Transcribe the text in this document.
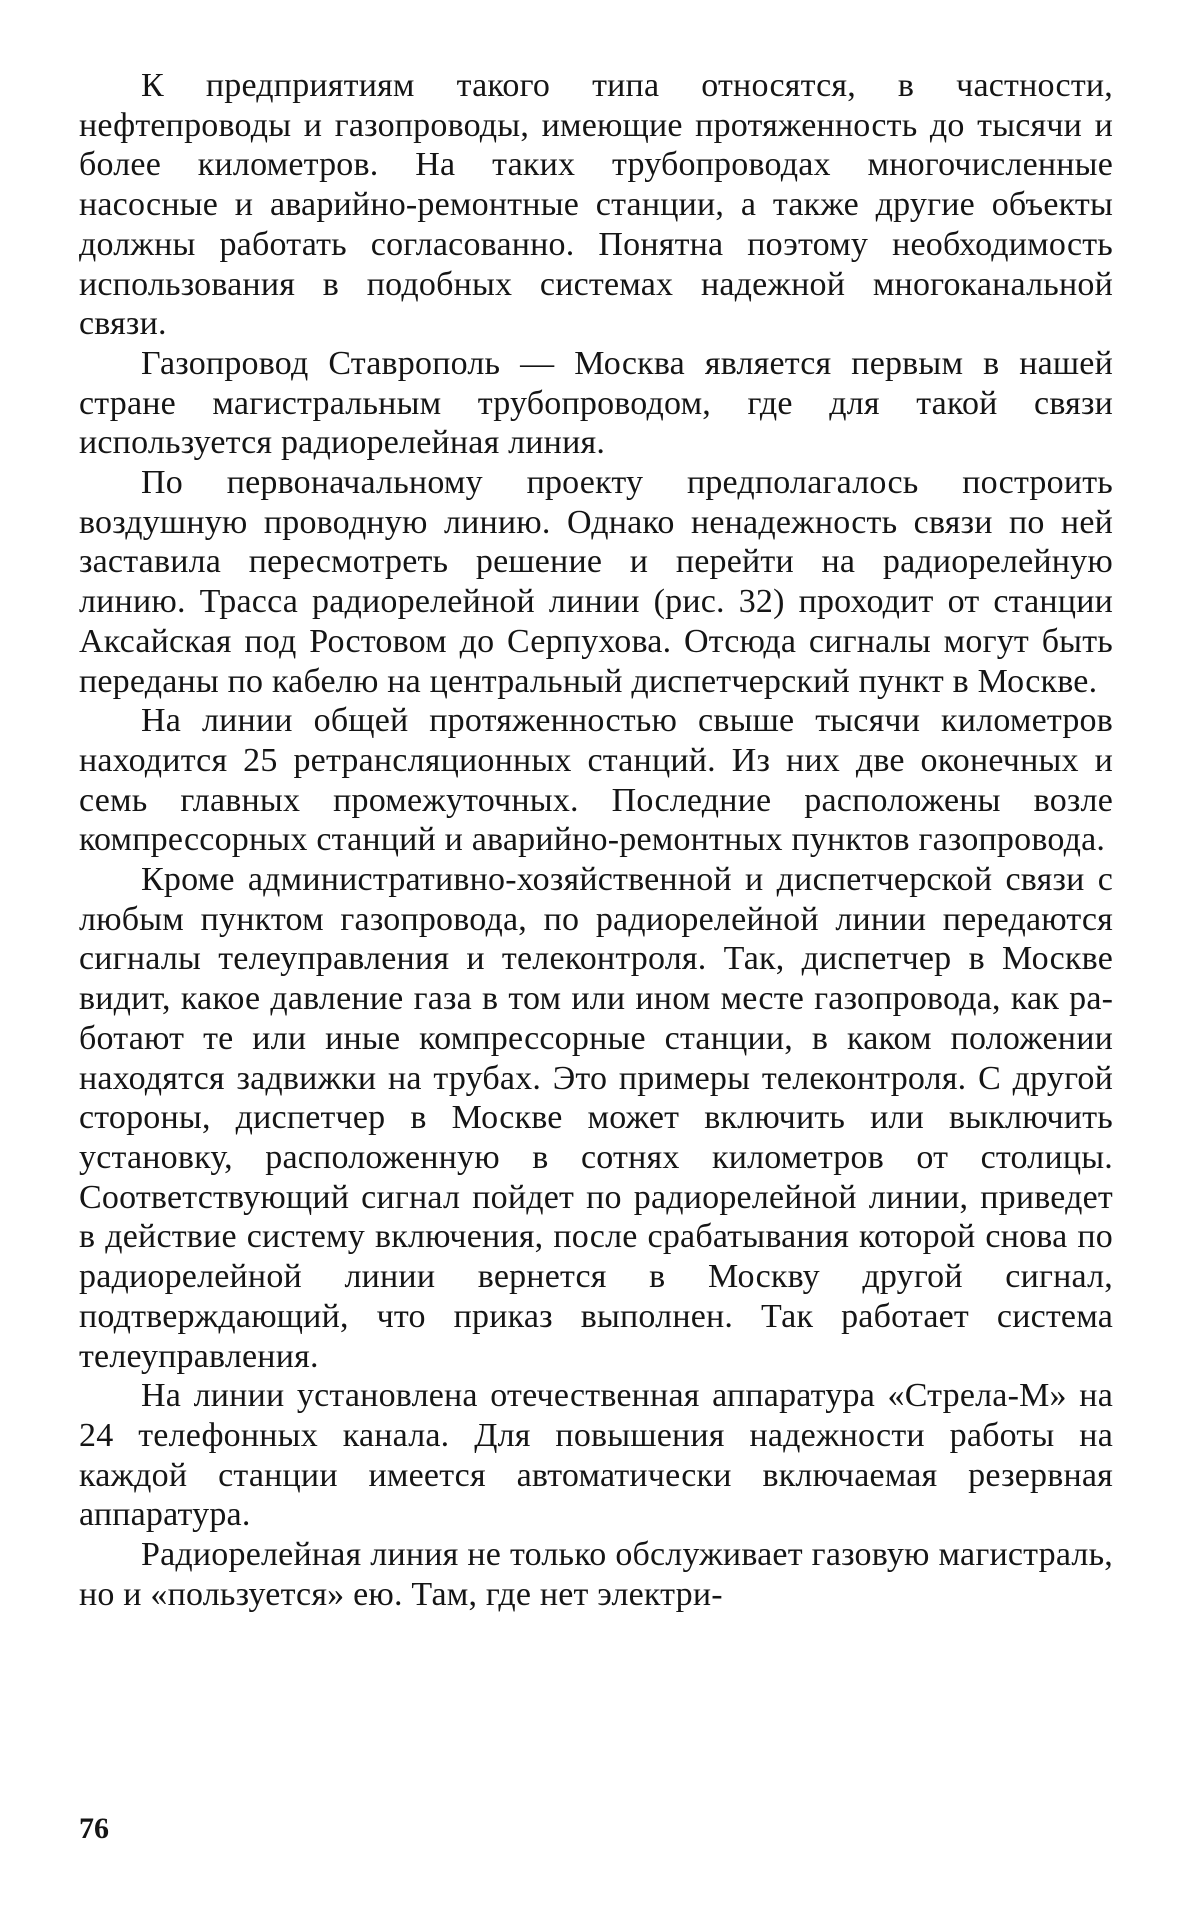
К предприятиям такого типа относятся, в частности, нефтепроводы и газопроводы, имеющие протяженность до тысячи и более километров. На таких трубопроводах многочисленные насосные и аварийно-ремонтные станции, а также другие объекты должны работать согласованно. Понятна поэтому необходимость использования в подобных системах надежной многоканальной связи.

Газопровод Ставрополь — Москва является первым в нашей стране магистральным трубопроводом, где для такой связи используется радиорелейная линия.

По первоначальному проекту предполагалось построить воздушную проводную линию. Однако ненадежность связи по ней заставила пересмотреть решение и перейти на радиорелейную линию. Трасса радиорелейной линии (рис. 32) проходит от станции Аксайская под Ростовом до Серпухова. Отсюда сигналы могут быть переданы по кабелю на центральный диспетчерский пункт в Москве.

На линии общей протяженностью свыше тысячи километров находится 25 ретрансляционных станций. Из них две оконечных и семь главных промежуточных. Последние расположены возле компрессорных станций и аварийно-ремонтных пунктов газопровода.

Кроме административно-хозяйственной и диспетчерской связи с любым пунктом газопровода, по радиорелейной линии передаются сигналы телеуправления и телеконтроля. Так, диспетчер в Москве видит, какое давление газа в том или ином месте газопровода, как работают те или иные компрессорные станции, в каком положении находятся задвижки на трубах. Это примеры телеконтроля. С другой стороны, диспетчер в Москве может включить или выключить установку, расположенную в сотнях километров от столицы. Соответствующий сигнал пойдет по радиорелейной линии, приведет в действие систему включения, после срабатывания которой снова по радиорелейной линии вернется в Москву другой сигнал, подтверждающий, что приказ выполнен. Так работает система телеуправления.

На линии установлена отечественная аппаратура «Стрела-М» на 24 телефонных канала. Для повышения надежности работы на каждой станции имеется автоматически включаемая резервная аппаратура.

Радиорелейная линия не только обслуживает газовую магистраль, но и «пользуется» ею. Там, где нет электри-

76
